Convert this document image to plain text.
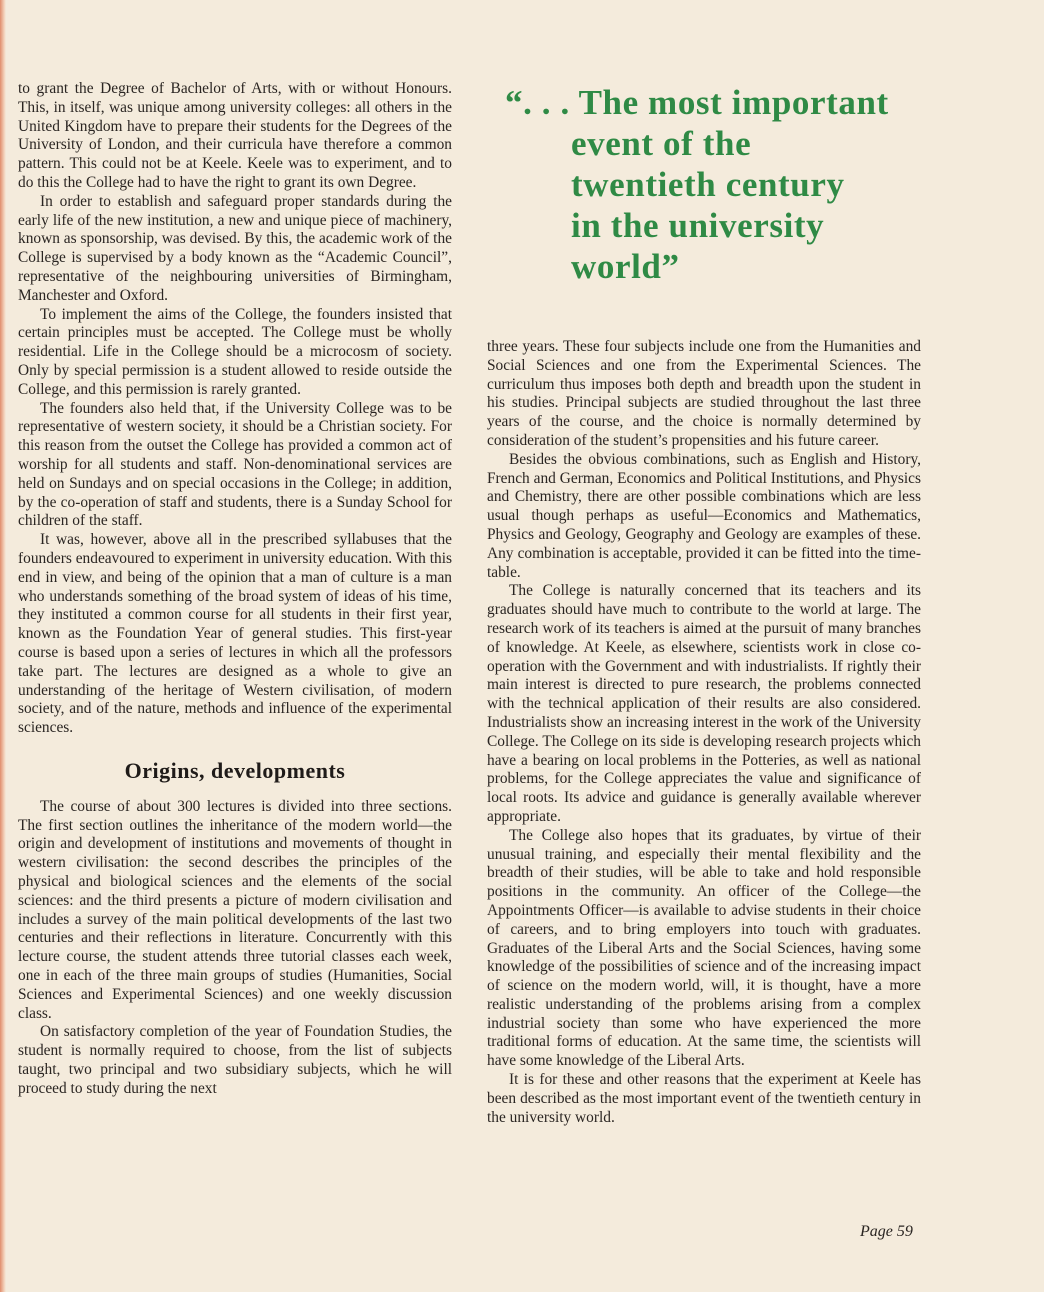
to grant the Degree of Bachelor of Arts, with or without Honours. This, in itself, was unique among university colleges: all others in the United Kingdom have to prepare their students for the Degrees of the University of London, and their curricula have therefore a common pattern. This could not be at Keele. Keele was to experiment, and to do this the College had to have the right to grant its own Degree.

In order to establish and safeguard proper standards during the early life of the new institution, a new and unique piece of machinery, known as sponsorship, was devised. By this, the academic work of the College is supervised by a body known as the “Academic Council”, representative of the neighbouring universities of Birmingham, Manchester and Oxford.

To implement the aims of the College, the founders insisted that certain principles must be accepted. The College must be wholly residential. Life in the College should be a microcosm of society. Only by special permission is a student allowed to reside outside the College, and this permission is rarely granted.

The founders also held that, if the University College was to be representative of western society, it should be a Christian society. For this reason from the outset the College has provided a common act of worship for all students and staff. Non-denominational services are held on Sundays and on special occasions in the College; in addition, by the co-operation of staff and students, there is a Sunday School for children of the staff.

It was, however, above all in the prescribed syllabuses that the founders endeavoured to experiment in university education. With this end in view, and being of the opinion that a man of culture is a man who understands something of the broad system of ideas of his time, they instituted a common course for all students in their first year, known as the Foundation Year of general studies. This first-year course is based upon a series of lectures in which all the professors take part. The lectures are designed as a whole to give an understanding of the heritage of Western civilisation, of modern society, and of the nature, methods and influence of the experimental sciences.

Origins, developments

The course of about 300 lectures is divided into three sections. The first section outlines the inheritance of the modern world—the origin and development of institutions and movements of thought in western civilisation: the second describes the principles of the physical and biological sciences and the elements of the social sciences: and the third presents a picture of modern civilisation and includes a survey of the main political developments of the last two centuries and their reflections in literature. Concurrently with this lecture course, the student attends three tutorial classes each week, one in each of the three main groups of studies (Humanities, Social Sciences and Experimental Sciences) and one weekly discussion class.

On satisfactory completion of the year of Foundation Studies, the student is normally required to choose, from the list of subjects taught, two principal and two subsidiary subjects, which he will proceed to study during the next

“. . . The most important
event of the
twentieth century
in the university
world”

three years. These four subjects include one from the Humanities and Social Sciences and one from the Experimental Sciences. The curriculum thus imposes both depth and breadth upon the student in his studies. Principal subjects are studied throughout the last three years of the course, and the choice is normally determined by consideration of the student’s propensities and his future career.

Besides the obvious combinations, such as English and History, French and German, Economics and Political Institutions, and Physics and Chemistry, there are other possible combinations which are less usual though perhaps as useful—Economics and Mathematics, Physics and Geology, Geography and Geology are examples of these. Any combination is acceptable, provided it can be fitted into the time-table.

The College is naturally concerned that its teachers and its graduates should have much to contribute to the world at large. The research work of its teachers is aimed at the pursuit of many branches of knowledge. At Keele, as elsewhere, scientists work in close co-operation with the Government and with industrialists. If rightly their main interest is directed to pure research, the problems connected with the technical application of their results are also considered. Industrialists show an increasing interest in the work of the University College. The College on its side is developing research projects which have a bearing on local problems in the Potteries, as well as national problems, for the College appreciates the value and significance of local roots. Its advice and guidance is generally available wherever appropriate.

The College also hopes that its graduates, by virtue of their unusual training, and especially their mental flexibility and the breadth of their studies, will be able to take and hold responsible positions in the community. An officer of the College—the Appointments Officer—is available to advise students in their choice of careers, and to bring employers into touch with graduates. Graduates of the Liberal Arts and the Social Sciences, having some knowledge of the possibilities of science and of the increasing impact of science on the modern world, will, it is thought, have a more realistic understanding of the problems arising from a complex industrial society than some who have experienced the more traditional forms of education. At the same time, the scientists will have some knowledge of the Liberal Arts.

It is for these and other reasons that the experiment at Keele has been described as the most important event of the twentieth century in the university world.

Page 59
